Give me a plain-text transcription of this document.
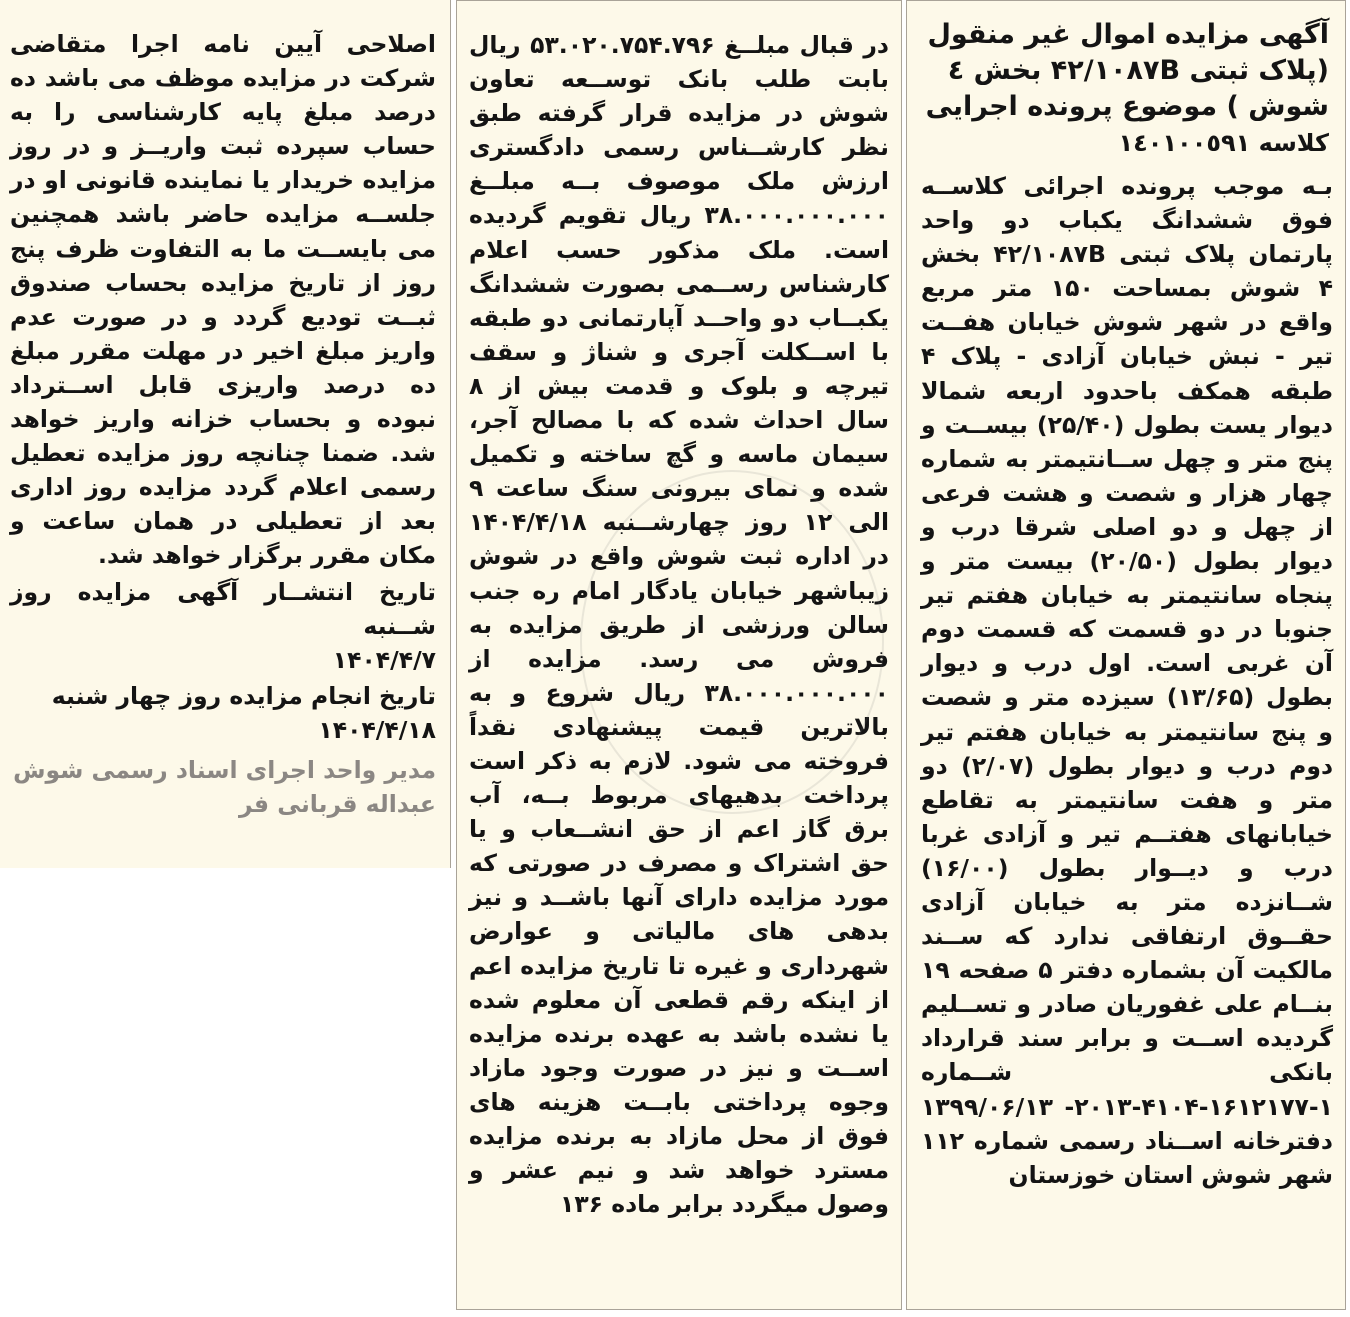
آگهی مزایده اموال غیر منقول
(پلاک ثبتی ۴۲/۱۰۸۷B بخش ٤
شوش ) موضوع پرونده اجرایی
کلاسه ۱٤٠١٠٠٥٩١

بـه موجب پرونده اجرائی کلاســه فوق ششدانگ یکباب دو واحد پارتمان پلاک ثبتی ۴۲/۱۰۸۷B بخش ۴ شوش بمساحت ۱۵۰ متر مربع واقع در شهر شوش خیابان هفــت تیر - نبش خیابان آزادی - پلاک ۴ طبقه همکف باحدود اربعه شمالا دیوار یست بطول (۲۵/۴۰) بیســت و پنج متر و چهل ســانتیمتر به شماره چهار هزار و شصت و هشت فرعی از چهل و دو اصلی شرقا درب و دیوار بطول (۲۰/۵۰) بیست متر و پنجاه سانتیمتر به خیابان هفتم تیر جنوبا در دو قسمت که قسمت دوم آن غربی است. اول درب و دیوار بطول (۱۳/۶۵) سیزده متر و شصت و پنج سانتیمتر به خیابان هفتم تیر دوم درب و دیوار بطول (۲/۰۷) دو متر و هفت سانتیمتر به تقاطع خیابانهای هفتــم تیر و آزادی غربا درب و دیــوار بطول (۱۶/۰۰) شــانزده متر به خیابان آزادی حقــوق ارتفاقی ندارد که ســند مالکیت آن بشماره دفتر ۵ صفحه ۱۹ بنــام علی غفوریان صادر و تســلیم گردیده اســت و برابر سند قرارداد بانکی شــماره ۱-۱۶۱۲۱۷۷-۴۱۰۴-۲۰۱۳- ۱۳۹۹/۰۶/۱۳ دفترخانه اســناد رسمی شماره ۱۱۲ شهر شوش استان خوزستان

در قبال مبلــغ ۵۳.۰۲۰.۷۵۴.۷۹۶ ریال بابت طلب بانک توســعه تعاون شوش در مزایده قرار گرفته طبق نظر کارشــناس رسمی دادگستری ارزش ملک موصوف بــه مبلــغ ۳۸.۰۰۰.۰۰۰.۰۰۰ ریال تقویم گردیده است. ملک مذکور حسب اعلام کارشناس رســمی بصورت ششدانگ یکبــاب دو واحــد آپارتمانی دو طبقه با اســکلت آجری و شناژ و سقف تیرچه و بلوک و قدمت بیش از ۸ سال احداث شده که با مصالح آجر، سیمان ماسه و گچ ساخته و تکمیل شده و نمای بیرونی سنگ ساعت ۹ الی ۱۲ روز چهارشــنبه ۱۴۰۴/۴/۱۸ در اداره ثبت شوش واقع در شوش زیباشهر خیابان یادگار امام ره جنب سالن ورزشی از طریق مزایده به فروش می رسد. مزایده از ۳۸.۰۰۰.۰۰۰.۰۰۰ ریال شروع و به بالاترین قیمت پیشنهادی نقداً فروخته می شود. لازم به ذکر است پرداخت بدهیهای مربوط بــه، آب برق گاز اعم از حق انشــعاب و یا حق اشتراک و مصرف در صورتی که مورد مزایده دارای آنها باشــد و نیز بدهی های مالیاتی و عوارض شهرداری و غیره تا تاریخ مزایده اعم از اینکه رقم قطعی آن معلوم شده یا نشده باشد به عهده برنده مزایده اســت و نیز در صورت وجود مازاد وجوه پرداختی بابــت هزینه های فوق از محل مازاد به برنده مزایده مسترد خواهد شد و نیم عشر و وصول میگردد برابر ماده ۱۳۶

اصلاحی آیین نامه اجرا متقاضی شرکت در مزایده موظف می باشد ده درصد مبلغ پایه کارشناسی را به حساب سپرده ثبت واریــز و در روز مزایده خریدار یا نماینده قانونی او در جلســه مزایده حاضر باشد همچنین می بایســت ما به التفاوت ظرف پنج روز از تاریخ مزایده بحساب صندوق ثبــت تودیع گردد و در صورت عدم واریز مبلغ اخیر در مهلت مقرر مبلغ ده درصد واریزی قابل اســترداد نبوده و بحساب خزانه واریز خواهد شد. ضمنا چنانچه روز مزایده تعطیل رسمی اعلام گردد مزایده روز اداری بعد از تعطیلی در همان ساعت و مکان مقرر برگزار خواهد شد.

تاریخ انتشــار آگهی مزایده روز شــنبه
۱۴۰۴/۴/۷
تاریخ انجام مزایده روز چهار شنبه
۱۴۰۴/۴/۱۸
مدیر واحد اجرای اسناد رسمی شوش
عبداله قربانی فر
